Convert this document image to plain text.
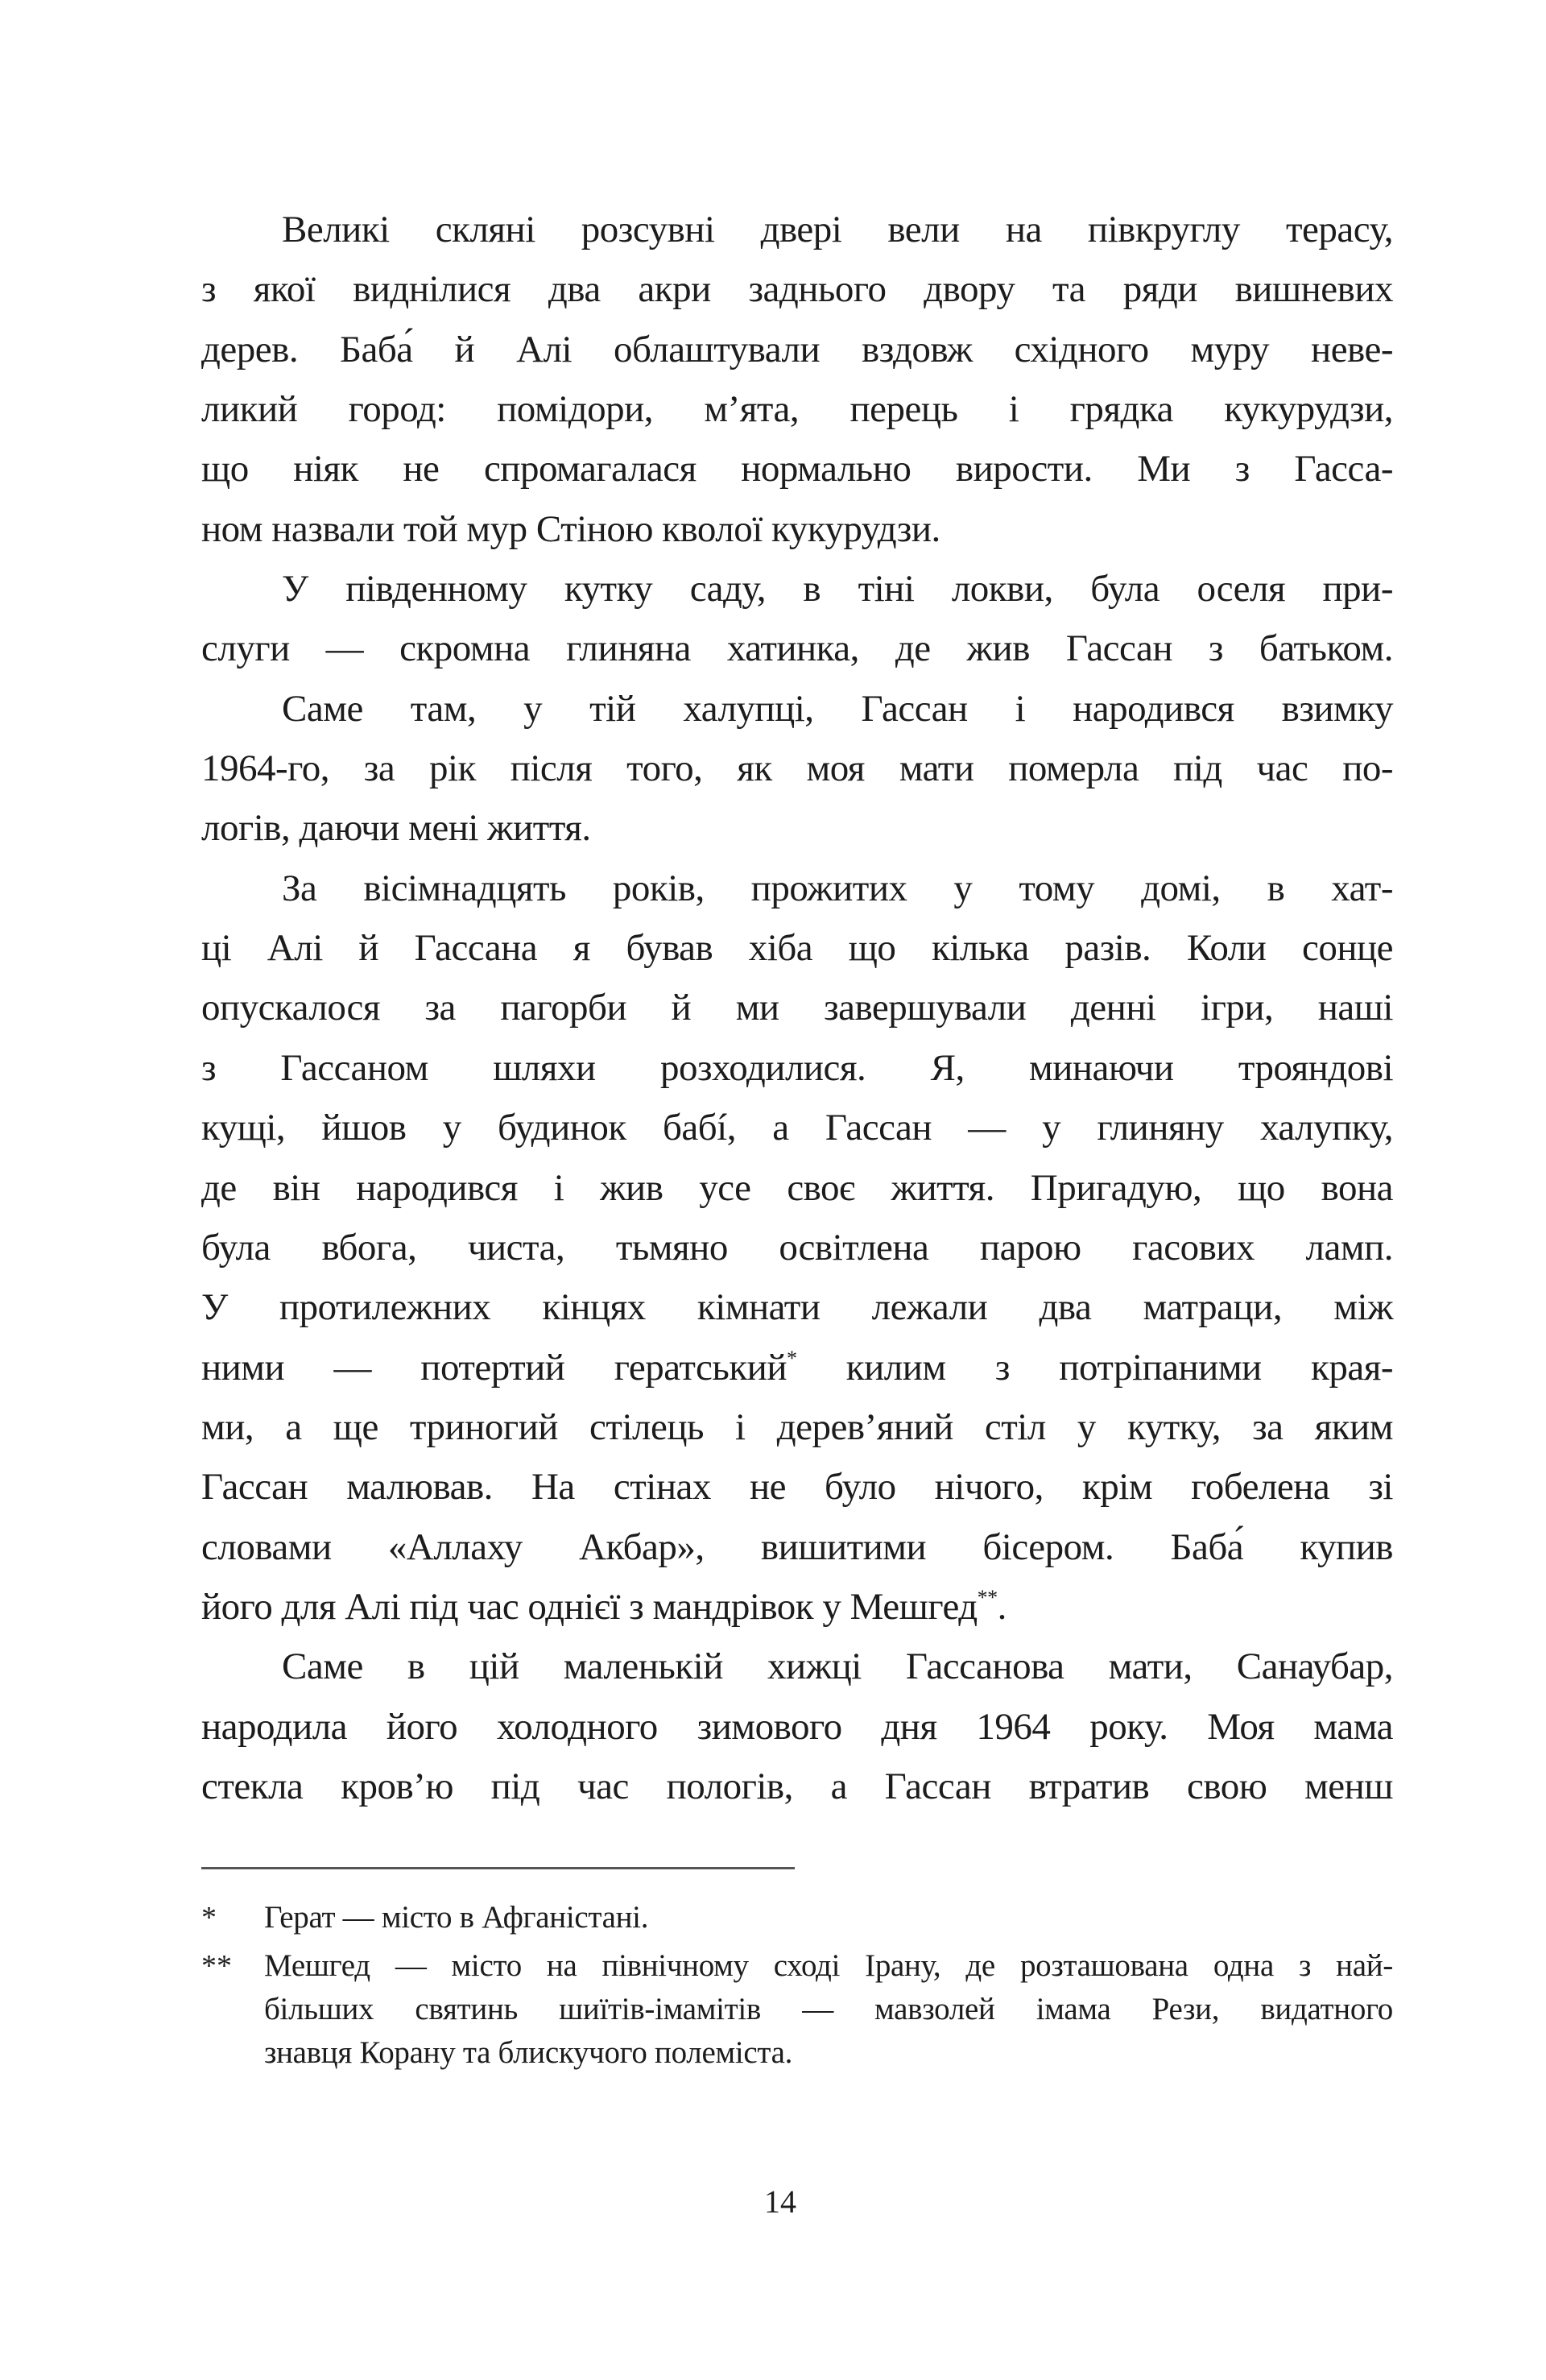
Великі скляні розсувні двері вели на півкруглу терасу,
з якої виднілися два акри заднього двору та ряди вишневих
дерев. Баба́ й Алі облаштували вздовж східного муру неве-
ликий город: помідори, м’ята, перець і грядка кукурудзи,
що ніяк не спромагалася нормально вирости. Ми з Гасса-
ном назвали той мур Стіною кволої кукурудзи.
У південному кутку саду, в тіні локви, була оселя при-
слуги — скромна глиняна хатинка, де жив Гассан з батьком.
Саме там, у тій халупці, Гассан і народився взимку
1964-го, за рік після того, як моя мати померла під час по-
логів, даючи мені життя.
За вісімнадцять років, прожитих у тому домі, в хат-
ці Алі й Гассана я бував хіба що кілька разів. Коли сонце
опускалося за пагорби й ми завершували денні ігри, наші
з Гассаном шляхи розходилися. Я, минаючи трояндові
кущі, йшов у будинок бабí, а Гассан — у глиняну халупку,
де він народився і жив усе своє життя. Пригадую, що вона
була вбога, чиста, тьмяно освітлена парою гасових ламп.
У протилежних кінцях кімнати лежали два матраци, між
ними — потертий гератський* килим з потріпаними края-
ми, а ще триногий стілець і дерев’яний стіл у кутку, за яким
Гассан малював. На стінах не було нічого, крім гобелена зі
словами «Аллаху Акбар», вишитими бісером. Баба́ купив
його для Алі під час однієї з мандрівок у Мешгед**.
Саме в цій маленькій хижці Гассанова мати, Санаубар,
народила його холодного зимового дня 1964 року. Моя мама
стекла кров’ю під час пологів, а Гассан втратив свою менш
* Герат — місто в Афганістані.
** Мешгед — місто на північному сході Ірану, де розташована одна з най-
більших святинь шиїтів-імамітів — мавзолей імама Рези, видатного
знавця Корану та блискучого полеміста.
14
